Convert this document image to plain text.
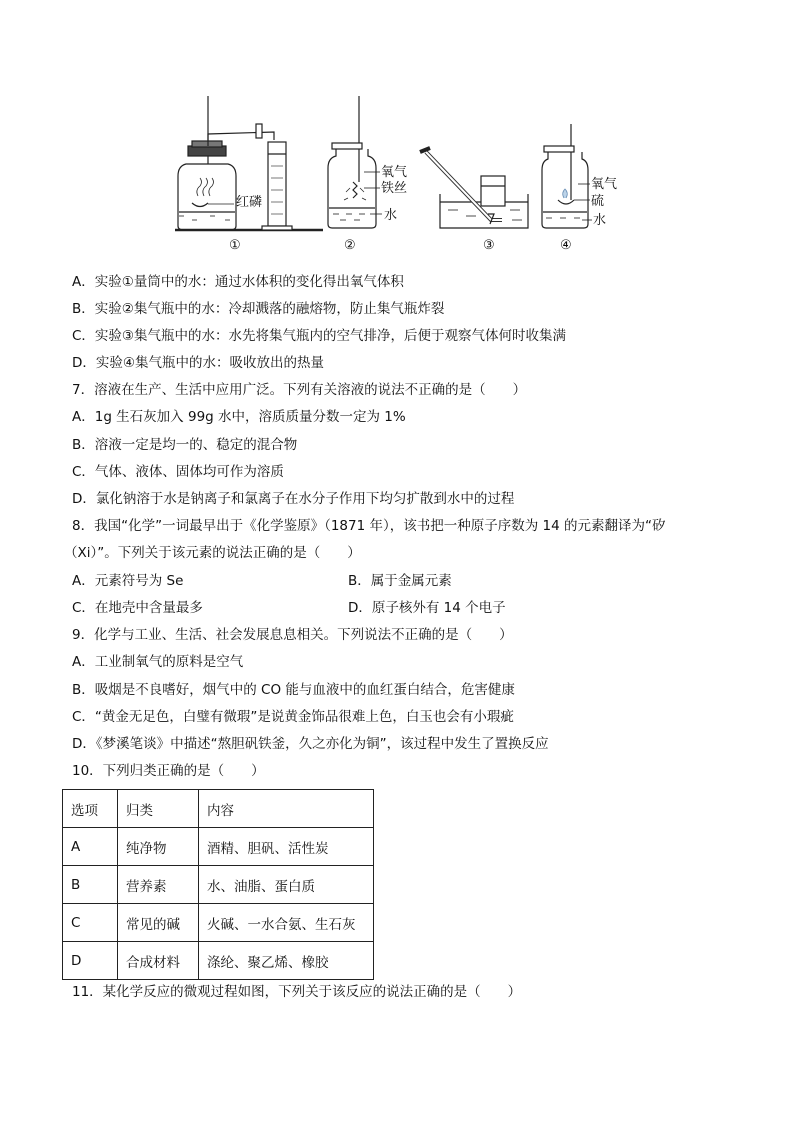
红磷
①
氧气
铁丝
水
②	③
氧气
硫
水
④
A．实验①量筒中的水：通过水体积的变化得出氧气体积
B．实验②集气瓶中的水：冷却溅落的融熔物，防止集气瓶炸裂
C．实验③集气瓶中的水：水先将集气瓶内的空气排净，后便于观察气体何时收集满
D．实验④集气瓶中的水：吸收放出的热量
7．溶液在生产、生活中应用广泛。下列有关溶液的说法不正确的是（　　）
A．1g 生石灰加入 99g 水中，溶质质量分数一定为 1%
B．溶液一定是均一的、稳定的混合物
C．气体、液体、固体均可作为溶质
D．氯化钠溶于水是钠离子和氯离子在水分子作用下均匀扩散到水中的过程
8．我国“化学”一词最早出于《化学鉴原》（1871 年），该书把一种原子序数为 14 的元素翻译为“矽
（Xi）”。下列关于该元素的说法正确的是（　　）
A．元素符号为 Se	B．属于金属元素
C．在地壳中含量最多	D．原子核外有 14 个电子
9．化学与工业、生活、社会发展息息相关。下列说法不正确的是（　　）
A．工业制氧气的原料是空气
B．吸烟是不良嗜好，烟气中的 CO 能与血液中的血红蛋白结合，危害健康
C．“黄金无足色，白璧有微瑕”是说黄金饰品很难上色，白玉也会有小瑕疵
D．《梦溪笔谈》中描述“熬胆矾铁釜，久之亦化为铜”，该过程中发生了置换反应
10．下列归类正确的是（　　）
选项	归类	内容
A	纯净物	酒精、胆矾、活性炭
B	营养素	水、油脂、蛋白质
C	常见的碱	火碱、一水合氨、生石灰
D	合成材料	涤纶、聚乙烯、橡胶
11．某化学反应的微观过程如图，下列关于该反应的说法正确的是（　　）
